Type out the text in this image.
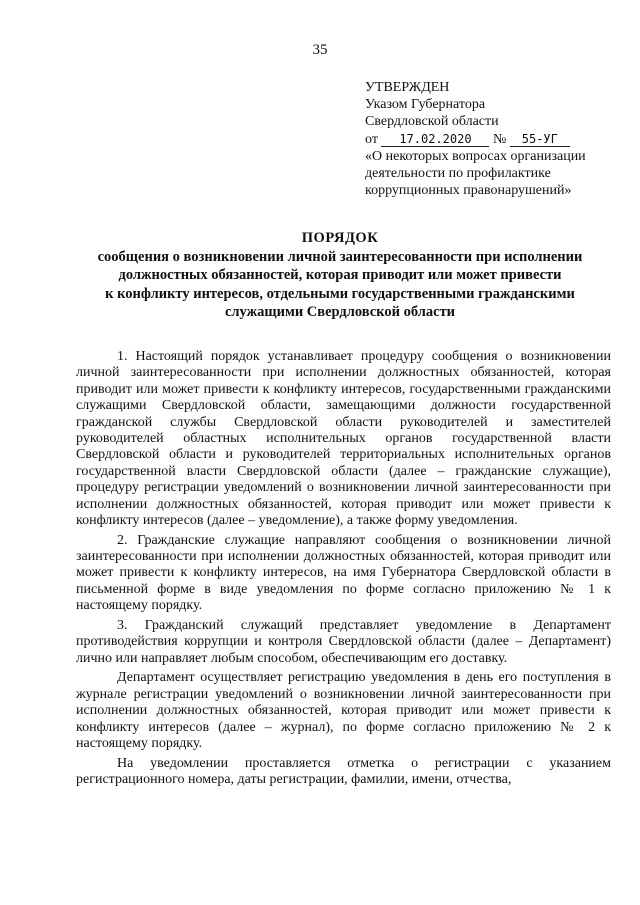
35
УТВЕРЖДЕН
Указом Губернатора
Свердловской области
от 17.02.2020 № 55-УГ
«О некоторых вопросах организации
деятельности по профилактике
коррупционных правонарушений»
ПОРЯДОК
сообщения о возникновении личной заинтересованности при исполнении
должностных обязанностей, которая приводит или может привести
к конфликту интересов, отдельными государственными гражданскими
служащими Свердловской области

1. Настоящий порядок устанавливает процедуру сообщения о возникновении личной заинтересованности при исполнении должностных обязанностей, которая приводит или может привести к конфликту интересов, государственными гражданскими служащими Свердловской области, замещающими должности государственной гражданской службы Свердловской области руководителей и заместителей руководителей областных исполнительных органов государственной власти Свердловской области и руководителей территориальных исполнительных органов государственной власти Свердловской области (далее – гражданские служащие), процедуру регистрации уведомлений о возникновении личной заинтересованности при исполнении должностных обязанностей, которая приводит или может привести к конфликту интересов (далее – уведомление), а также форму уведомления.

2. Гражданские служащие направляют сообщения о возникновении личной заинтересованности при исполнении должностных обязанностей, которая приводит или может привести к конфликту интересов, на имя Губернатора Свердловской области в письменной форме в виде уведомления по форме согласно приложению № 1 к настоящему порядку.

3. Гражданский служащий представляет уведомление в Департамент противодействия коррупции и контроля Свердловской области (далее – Департамент) лично или направляет любым способом, обеспечивающим его доставку.

Департамент осуществляет регистрацию уведомления в день его поступления в журнале регистрации уведомлений о возникновении личной заинтересованности при исполнении должностных обязанностей, которая приводит или может привести к конфликту интересов (далее – журнал), по форме согласно приложению № 2 к настоящему порядку.

На уведомлении проставляется отметка о регистрации с указанием регистрационного номера, даты регистрации, фамилии, имени, отчества,
